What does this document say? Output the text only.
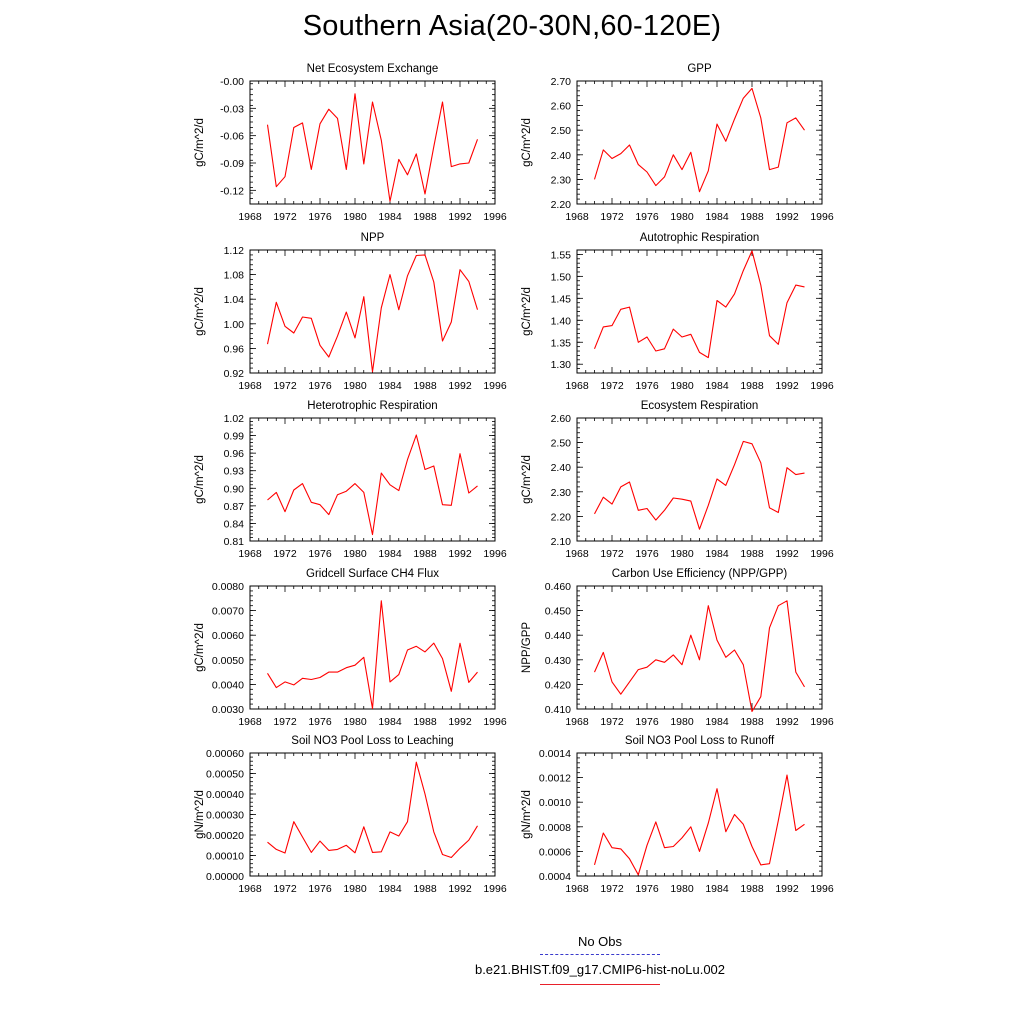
Southern Asia(20-30N,60-120E)
Net Ecosystem Exchange
gC/m^2/d
1968 1972 1976 1980 1984 1988 1992 1996
-0.00
-0.03
-0.06
-0.09
-0.12
GPP
gC/m^2/d
1968 1972 1976 1980 1984 1988 1992 1996
2.20
2.30
2.40
2.50
2.60
2.70
NPP
gC/m^2/d
1968 1972 1976 1980 1984 1988 1992 1996
0.92
0.96
1.00
1.04
1.08
1.12
Autotrophic Respiration
gC/m^2/d
1968 1972 1976 1980 1984 1988 1992 1996
1.30
1.35
1.40
1.45
1.50
1.55
Heterotrophic Respiration
gC/m^2/d
1968 1972 1976 1980 1984 1988 1992 1996
0.81
0.84
0.87
0.90
0.93
0.96
0.99
1.02
Ecosystem Respiration
gC/m^2/d
1968 1972 1976 1980 1984 1988 1992 1996
2.10
2.20
2.30
2.40
2.50
2.60
Gridcell Surface CH4 Flux
gC/m^2/d
1968 1972 1976 1980 1984 1988 1992 1996
0.0030
0.0040
0.0050
0.0060
0.0070
0.0080
Carbon Use Efficiency (NPP/GPP)
NPP/GPP
1968 1972 1976 1980 1984 1988 1992 1996
0.410
0.420
0.430
0.440
0.450
0.460
Soil NO3 Pool Loss to Leaching
gN/m^2/d
1968 1972 1976 1980 1984 1988 1992 1996
0.00000
0.00010
0.00020
0.00030
0.00040
0.00050
0.00060
Soil NO3 Pool Loss to Runoff
gN/m^2/d
1968 1972 1976 1980 1984 1988 1992 1996
0.0004
0.0006
0.0008
0.0010
0.0012
0.0014
No Obs
b.e21.BHIST.f09_g17.CMIP6-hist-noLu.002
